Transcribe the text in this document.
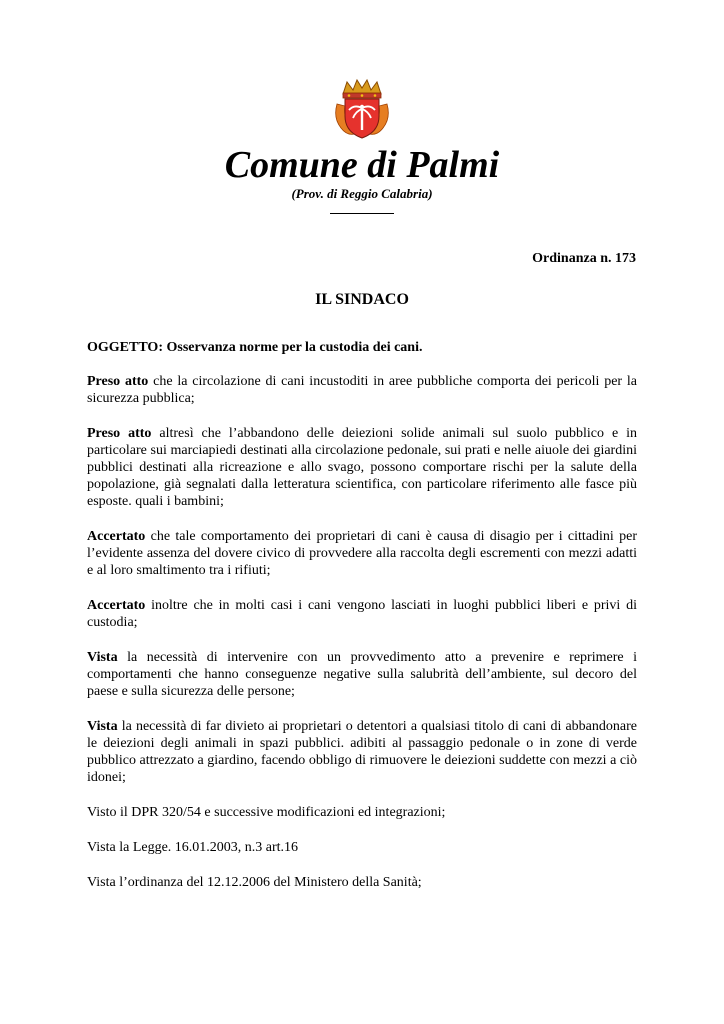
Comune di Palmi
(Prov. di Reggio Calabria)
Ordinanza n. 173
IL SINDACO

OGGETTO: Osservanza norme per la custodia dei cani.

Preso atto che la circolazione di cani incustoditi in aree pubbliche comporta dei pericoli per la sicurezza pubblica;

Preso atto altresì che l’abbandono delle deiezioni solide animali sul suolo pubblico e in particolare sui marciapiedi destinati alla circolazione pedonale, sui prati e nelle aiuole dei giardini pubblici destinati alla ricreazione e allo svago, possono comportare rischi per la salute della popolazione, già segnalati dalla letteratura scientifica, con particolare riferimento alle fasce più esposte. quali i bambini;

Accertato che tale comportamento dei proprietari di cani è causa di disagio per i cittadini per l’evidente assenza del dovere civico di provvedere alla raccolta degli escrementi con mezzi adatti e al loro smaltimento tra i rifiuti;

Accertato inoltre che in molti casi i cani vengono lasciati in luoghi pubblici liberi e privi di custodia;

Vista la necessità di intervenire con un provvedimento atto a prevenire e reprimere i comportamenti che hanno conseguenze negative sulla salubrità dell’ambiente, sul decoro del paese e sulla sicurezza delle persone;

Vista la necessità di far divieto ai proprietari o detentori a qualsiasi titolo di cani di abbandonare le deiezioni degli animali in spazi pubblici. adibiti al passaggio pedonale o in zone di verde pubblico attrezzato a giardino, facendo obbligo di rimuovere le deiezioni suddette con mezzi a ciò idonei;

Visto il DPR 320/54 e successive modificazioni ed integrazioni;

Vista la Legge. 16.01.2003, n.3 art.16

Vista l’ordinanza del 12.12.2006 del Ministero della Sanità;
